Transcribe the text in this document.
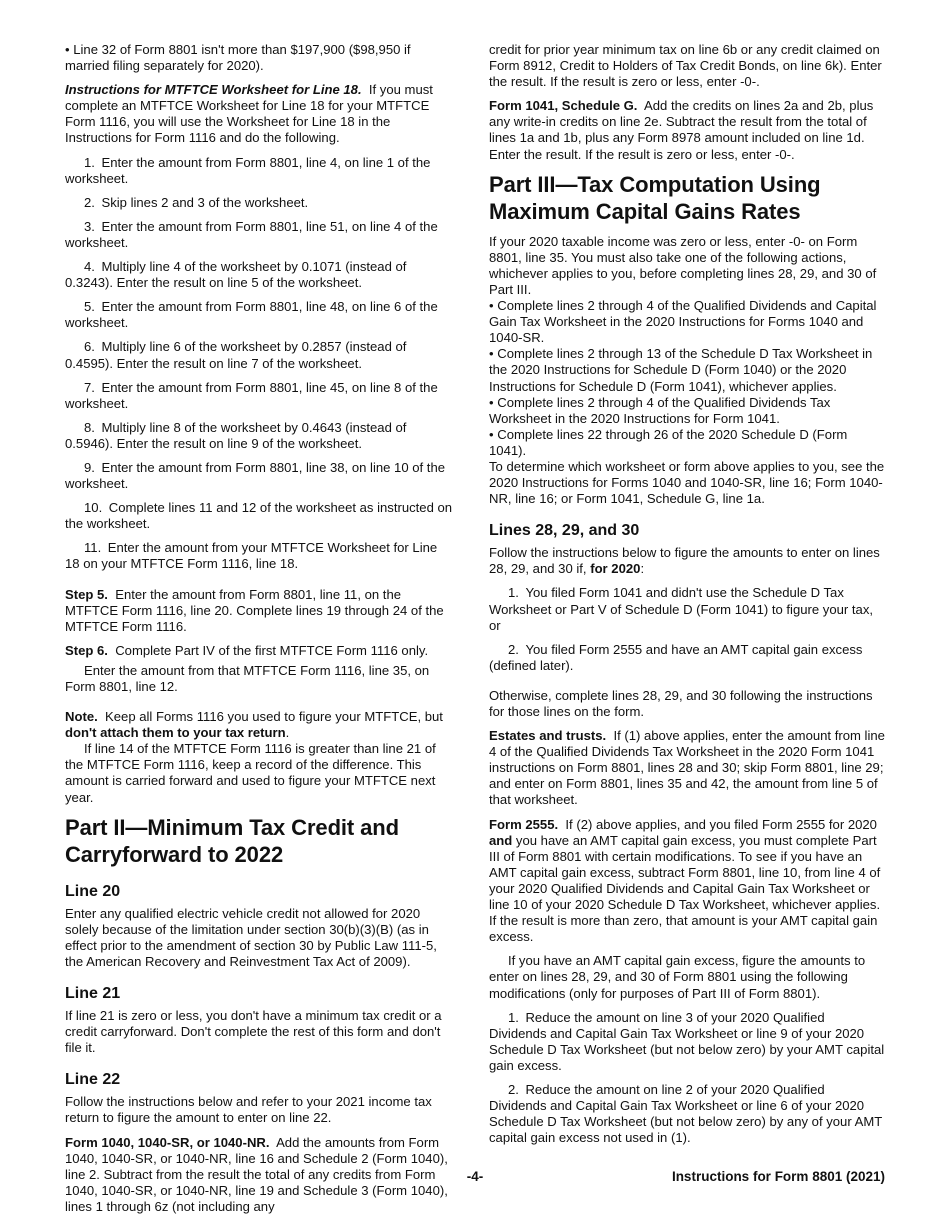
• Line 32 of Form 8801 isn't more than $197,900 ($98,950 if married filing separately for 2020).

Instructions for MTFTCE Worksheet for Line 18. If you must complete an MTFTCE Worksheet for Line 18 for your MTFTCE Form 1116, you will use the Worksheet for Line 18 in the Instructions for Form 1116 and do the following.

1. Enter the amount from Form 8801, line 4, on line 1 of the worksheet.

2. Skip lines 2 and 3 of the worksheet.

3. Enter the amount from Form 8801, line 51, on line 4 of the worksheet.

4. Multiply line 4 of the worksheet by 0.1071 (instead of 0.3243). Enter the result on line 5 of the worksheet.

5. Enter the amount from Form 8801, line 48, on line 6 of the worksheet.

6. Multiply line 6 of the worksheet by 0.2857 (instead of 0.4595). Enter the result on line 7 of the worksheet.

7. Enter the amount from Form 8801, line 45, on line 8 of the worksheet.

8. Multiply line 8 of the worksheet by 0.4643 (instead of 0.5946). Enter the result on line 9 of the worksheet.

9. Enter the amount from Form 8801, line 38, on line 10 of the worksheet.

10. Complete lines 11 and 12 of the worksheet as instructed on the worksheet.

11. Enter the amount from your MTFTCE Worksheet for Line 18 on your MTFTCE Form 1116, line 18.

Step 5. Enter the amount from Form 8801, line 11, on the MTFTCE Form 1116, line 20. Complete lines 19 through 24 of the MTFTCE Form 1116.

Step 6. Complete Part IV of the first MTFTCE Form 1116 only.

Enter the amount from that MTFTCE Form 1116, line 35, on Form 8801, line 12.

Note. Keep all Forms 1116 you used to figure your MTFTCE, but don't attach them to your tax return.

If line 14 of the MTFTCE Form 1116 is greater than line 21 of the MTFTCE Form 1116, keep a record of the difference. This amount is carried forward and used to figure your MTFTCE next year.

Part II—Minimum Tax Credit and Carryforward to 2022
Line 20

Enter any qualified electric vehicle credit not allowed for 2020 solely because of the limitation under section 30(b)(3)(B) (as in effect prior to the amendment of section 30 by Public Law 111-5, the American Recovery and Reinvestment Tax Act of 2009).

Line 21

If line 21 is zero or less, you don't have a minimum tax credit or a credit carryforward. Don't complete the rest of this form and don't file it.

Line 22

Follow the instructions below and refer to your 2021 income tax return to figure the amount to enter on line 22.

Form 1040, 1040-SR, or 1040-NR. Add the amounts from Form 1040, 1040-SR, or 1040-NR, line 16 and Schedule 2 (Form 1040), line 2. Subtract from the result the total of any credits from Form 1040, 1040-SR, or 1040-NR, line 19 and Schedule 3 (Form 1040), lines 1 through 6z (not including any

credit for prior year minimum tax on line 6b or any credit claimed on Form 8912, Credit to Holders of Tax Credit Bonds, on line 6k). Enter the result. If the result is zero or less, enter -0-.

Form 1041, Schedule G. Add the credits on lines 2a and 2b, plus any write-in credits on line 2e. Subtract the result from the total of lines 1a and 1b, plus any Form 8978 amount included on line 1d. Enter the result. If the result is zero or less, enter -0-.

Part III—Tax Computation Using Maximum Capital Gains Rates

If your 2020 taxable income was zero or less, enter -0- on Form 8801, line 35. You must also take one of the following actions, whichever applies to you, before completing lines 28, 29, and 30 of Part III.

• Complete lines 2 through 4 of the Qualified Dividends and Capital Gain Tax Worksheet in the 2020 Instructions for Forms 1040 and 1040-SR.

• Complete lines 2 through 13 of the Schedule D Tax Worksheet in the 2020 Instructions for Schedule D (Form 1040) or the 2020 Instructions for Schedule D (Form 1041), whichever applies.

• Complete lines 2 through 4 of the Qualified Dividends Tax Worksheet in the 2020 Instructions for Form 1041.

• Complete lines 22 through 26 of the 2020 Schedule D (Form 1041).

To determine which worksheet or form above applies to you, see the 2020 Instructions for Forms 1040 and 1040-SR, line 16; Form 1040-NR, line 16; or Form 1041, Schedule G, line 1a.

Lines 28, 29, and 30

Follow the instructions below to figure the amounts to enter on lines 28, 29, and 30 if, for 2020:

1. You filed Form 1041 and didn't use the Schedule D Tax Worksheet or Part V of Schedule D (Form 1041) to figure your tax, or

2. You filed Form 2555 and have an AMT capital gain excess (defined later).

Otherwise, complete lines 28, 29, and 30 following the instructions for those lines on the form.

Estates and trusts. If (1) above applies, enter the amount from line 4 of the Qualified Dividends Tax Worksheet in the 2020 Form 1041 instructions on Form 8801, lines 28 and 30; skip Form 8801, line 29; and enter on Form 8801, lines 35 and 42, the amount from line 5 of that worksheet.

Form 2555. If (2) above applies, and you filed Form 2555 for 2020 and you have an AMT capital gain excess, you must complete Part III of Form 8801 with certain modifications. To see if you have an AMT capital gain excess, subtract Form 8801, line 10, from line 4 of your 2020 Qualified Dividends and Capital Gain Tax Worksheet or line 10 of your 2020 Schedule D Tax Worksheet, whichever applies. If the result is more than zero, that amount is your AMT capital gain excess.

If you have an AMT capital gain excess, figure the amounts to enter on lines 28, 29, and 30 of Form 8801 using the following modifications (only for purposes of Part III of Form 8801).

1. Reduce the amount on line 3 of your 2020 Qualified Dividends and Capital Gain Tax Worksheet or line 9 of your 2020 Schedule D Tax Worksheet (but not below zero) by your AMT capital gain excess.

2. Reduce the amount on line 2 of your 2020 Qualified Dividends and Capital Gain Tax Worksheet or line 6 of your 2020 Schedule D Tax Worksheet (but not below zero) by any of your AMT capital gain excess not used in (1).

-4-	Instructions for Form 8801 (2021)
